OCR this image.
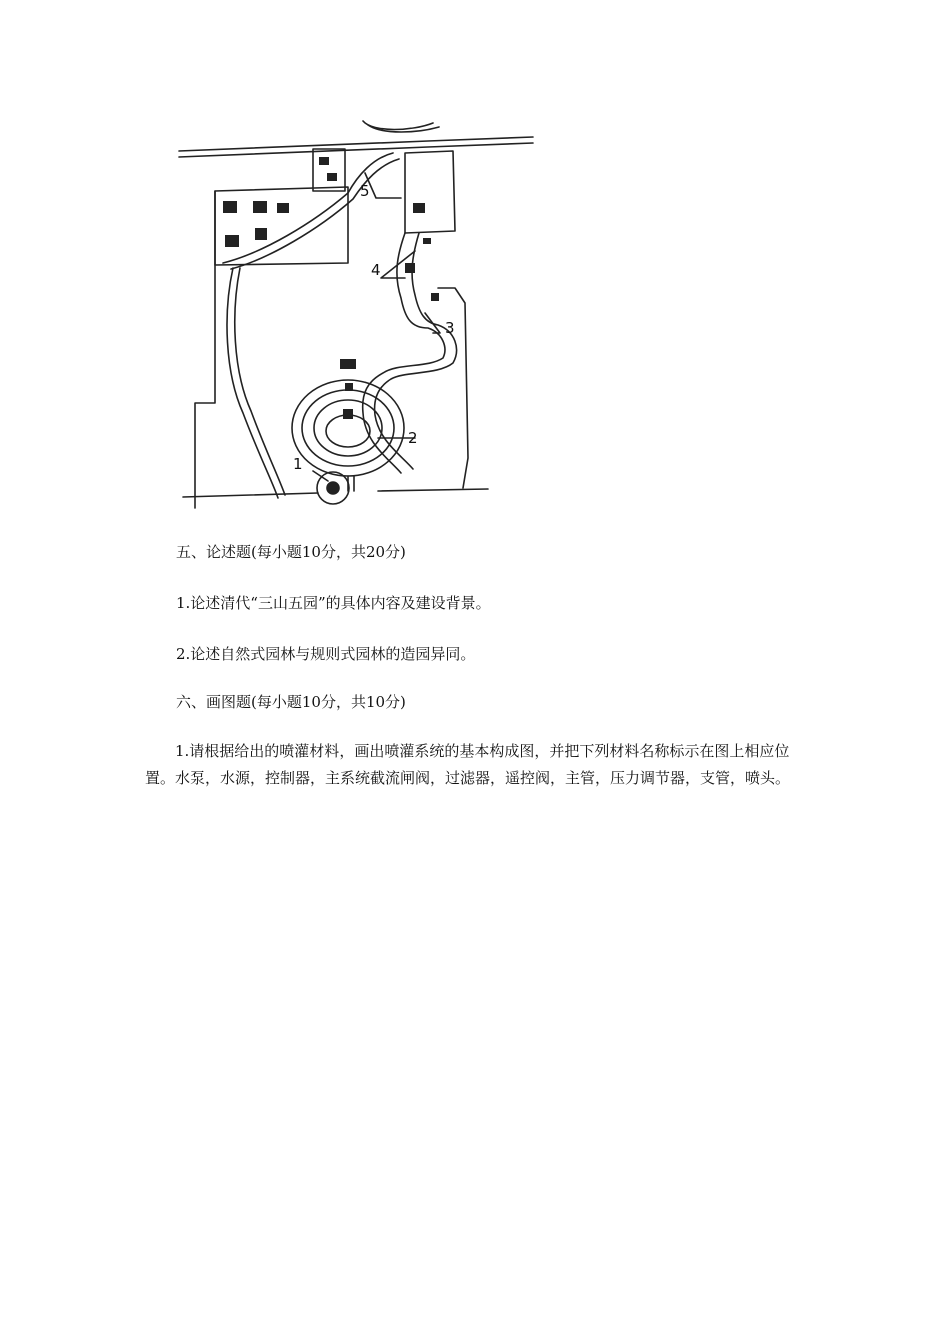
1
2
3
4
5
五、论述题(每小题10分，共20分)
1.论述清代“三山五园”的具体内容及建设背景。
2.论述自然式园林与规则式园林的造园异同。
六、画图题(每小题10分，共10分)
1.请根据给出的喷灌材料，画出喷灌系统的基本构成图，并把下列材料名称标示在图上相应位置。水泵，水源，控制器，主系统截流闸阀，过滤器，遥控阀，主管，压力调节器，支管，喷头。
